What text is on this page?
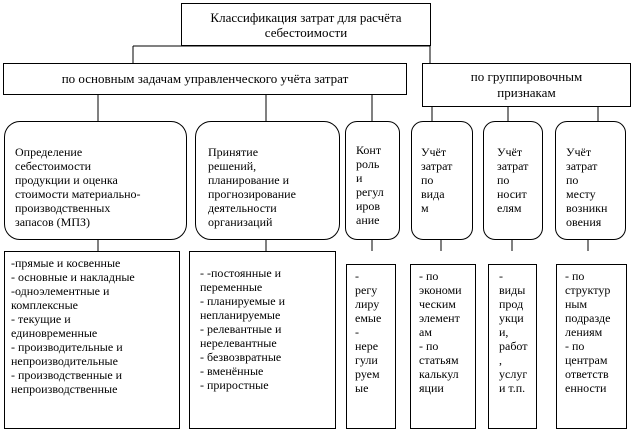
Классификация затрат для расчёта
себестоимости
по основным задачам управленческого учёта затрат	по группировочным
признакам

Определение
себестоимости
продукции и оценка
стоимости материально-
производственных
запасов (МПЗ)

Принятие
решений,
планирование и
прогнозирование
деятельности
организаций

Конт
роль
и
регул
иров
ание

Учёт
затрат по
вида
м

Учёт
затрат
по
носит
елям

Учёт
затрат
по
месту
возникн
овения

-прямые и косвенные
- основные и накладные
-одноэлементные и
комплексные
- текущие и
единовременные
- производительные и
непроизводительные
- производственные и
непроизводственные
- -постоянные и
переменные
- планируемые и
непланируемые
- релевантные и
нерелевантные
- безвозвратные
- вменённые
- приростные
-
регу
лиру
емые
-
нере
гули
руем
ые
- по
экономи
ческим
элемент
ам
- по
статьям
калькул
яции
-
виды
прод
укци
и,
работ
,
услуг
и т.п.
- по
структур
ным
подразде
лениям
- по
центрам
ответств
енности
